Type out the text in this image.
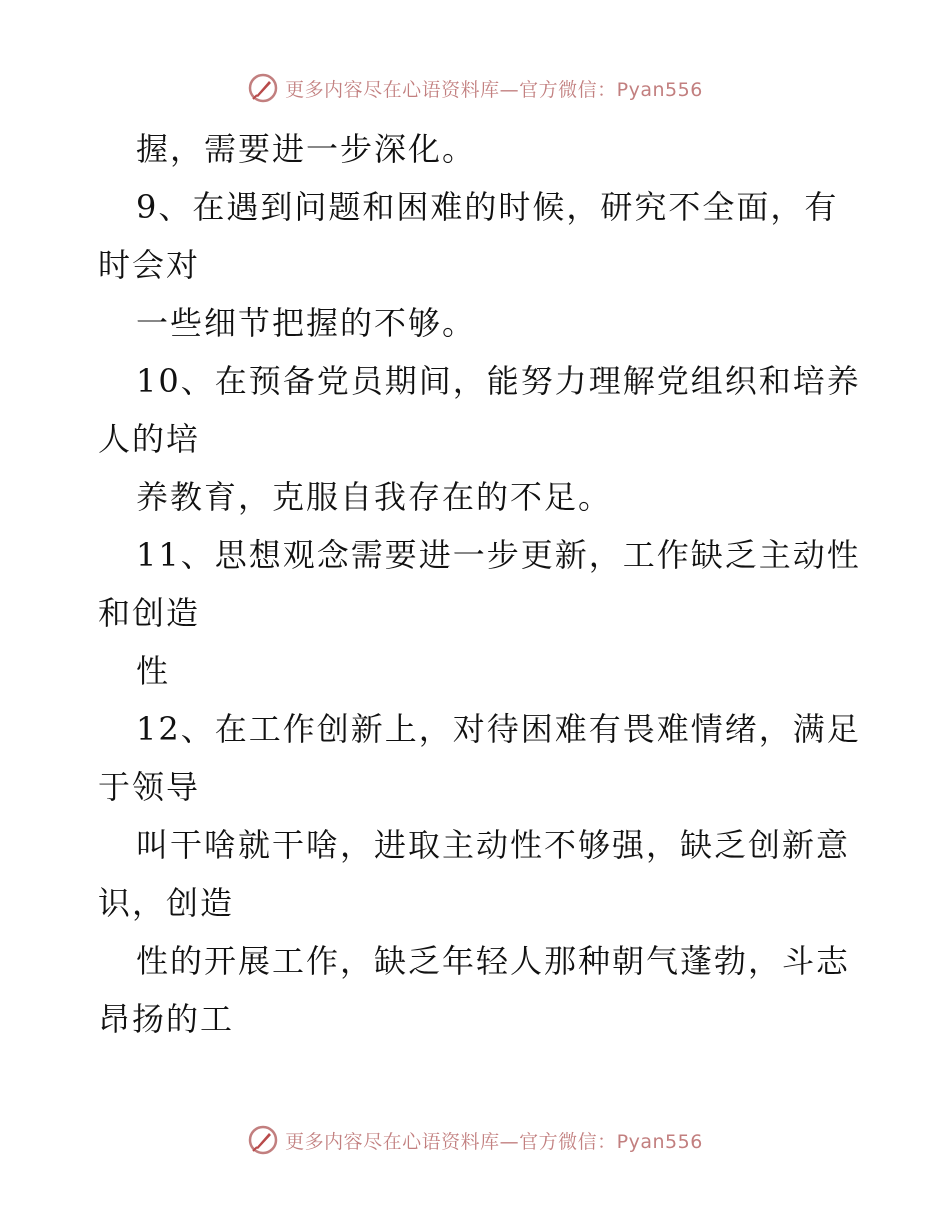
更多内容尽在心语资料库—官方微信：Pyan556
握，需要进一步深化。
9、在遇到问题和困难的时候，研究不全面，有
时会对
一些细节把握的不够。
10、在预备党员期间，能努力理解党组织和培养
人的培
养教育，克服自我存在的不足。
11、思想观念需要进一步更新，工作缺乏主动性
和创造
性
12、在工作创新上，对待困难有畏难情绪，满足
于领导
叫干啥就干啥，进取主动性不够强，缺乏创新意
识，创造
性的开展工作，缺乏年轻人那种朝气蓬勃，斗志
昂扬的工
更多内容尽在心语资料库—官方微信：Pyan556
